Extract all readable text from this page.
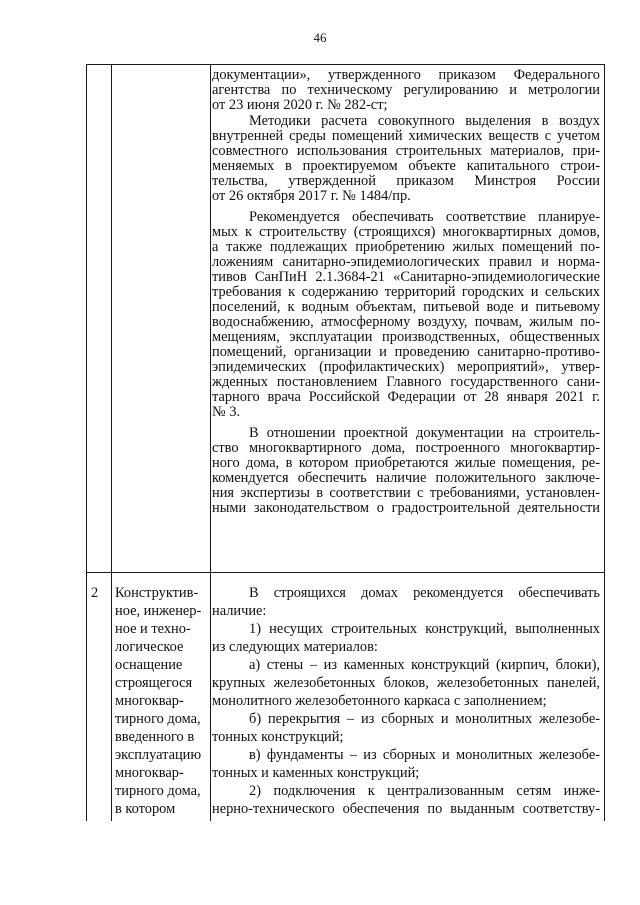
46
документации», утвержденного приказом Федерального
агентства по техническому регулированию и метрологии
от 23 июня 2020 г. № 282-ст;
Методики расчета совокупного выделения в воздух
внутренней среды помещений химических веществ с учетом
совместного использования строительных материалов, при-
меняемых в проектируемом объекте капитального строи-
тельства, утвержденной приказом Минстроя России
от 26 октября 2017 г. № 1484/пр.
Рекомендуется обеспечивать соответствие планируе-
мых к строительству (строящихся) многоквартирных домов,
а также подлежащих приобретению жилых помещений по-
ложениям санитарно-эпидемиологических правил и норма-
тивов СанПиН 2.1.3684-21 «Санитарно-эпидемиологические
требования к содержанию территорий городских и сельских
поселений, к водным объектам, питьевой воде и питьевому
водоснабжению, атмосферному воздуху, почвам, жилым по-
мещениям, эксплуатации производственных, общественных
помещений, организации и проведению санитарно-противо-
эпидемических (профилактических) мероприятий», утвер-
жденных постановлением Главного государственного сани-
тарного врача Российской Федерации от 28 января 2021 г.
№ 3.
В отношении проектной документации на строитель-
ство многоквартирного дома, построенного многоквартир-
ного дома, в котором приобретаются жилые помещения, ре-
комендуется обеспечить наличие положительного заключе-
ния экспертизы в соответствии с требованиями, установлен-
ными законодательством о градостроительной деятельности
2	Конструктив-
ное, инженер-
ное и техно-
логическое
оснащение
строящегося
многоквар-
тирного дома,
введенного в
эксплуатацию
многоквар-
тирного дома,
в котором
В строящихся домах рекомендуется обеспечивать
наличие:
1) несущих строительных конструкций, выполненных
из следующих материалов:
а) стены – из каменных конструкций (кирпич, блоки),
крупных железобетонных блоков, железобетонных панелей,
монолитного железобетонного каркаса с заполнением;
б) перекрытия – из сборных и монолитных железобе-
тонных конструкций;
в) фундаменты – из сборных и монолитных железобе-
тонных и каменных конструкций;
2) подключения к централизованным сетям инже-
нерно-технического обеспечения по выданным соответству-
